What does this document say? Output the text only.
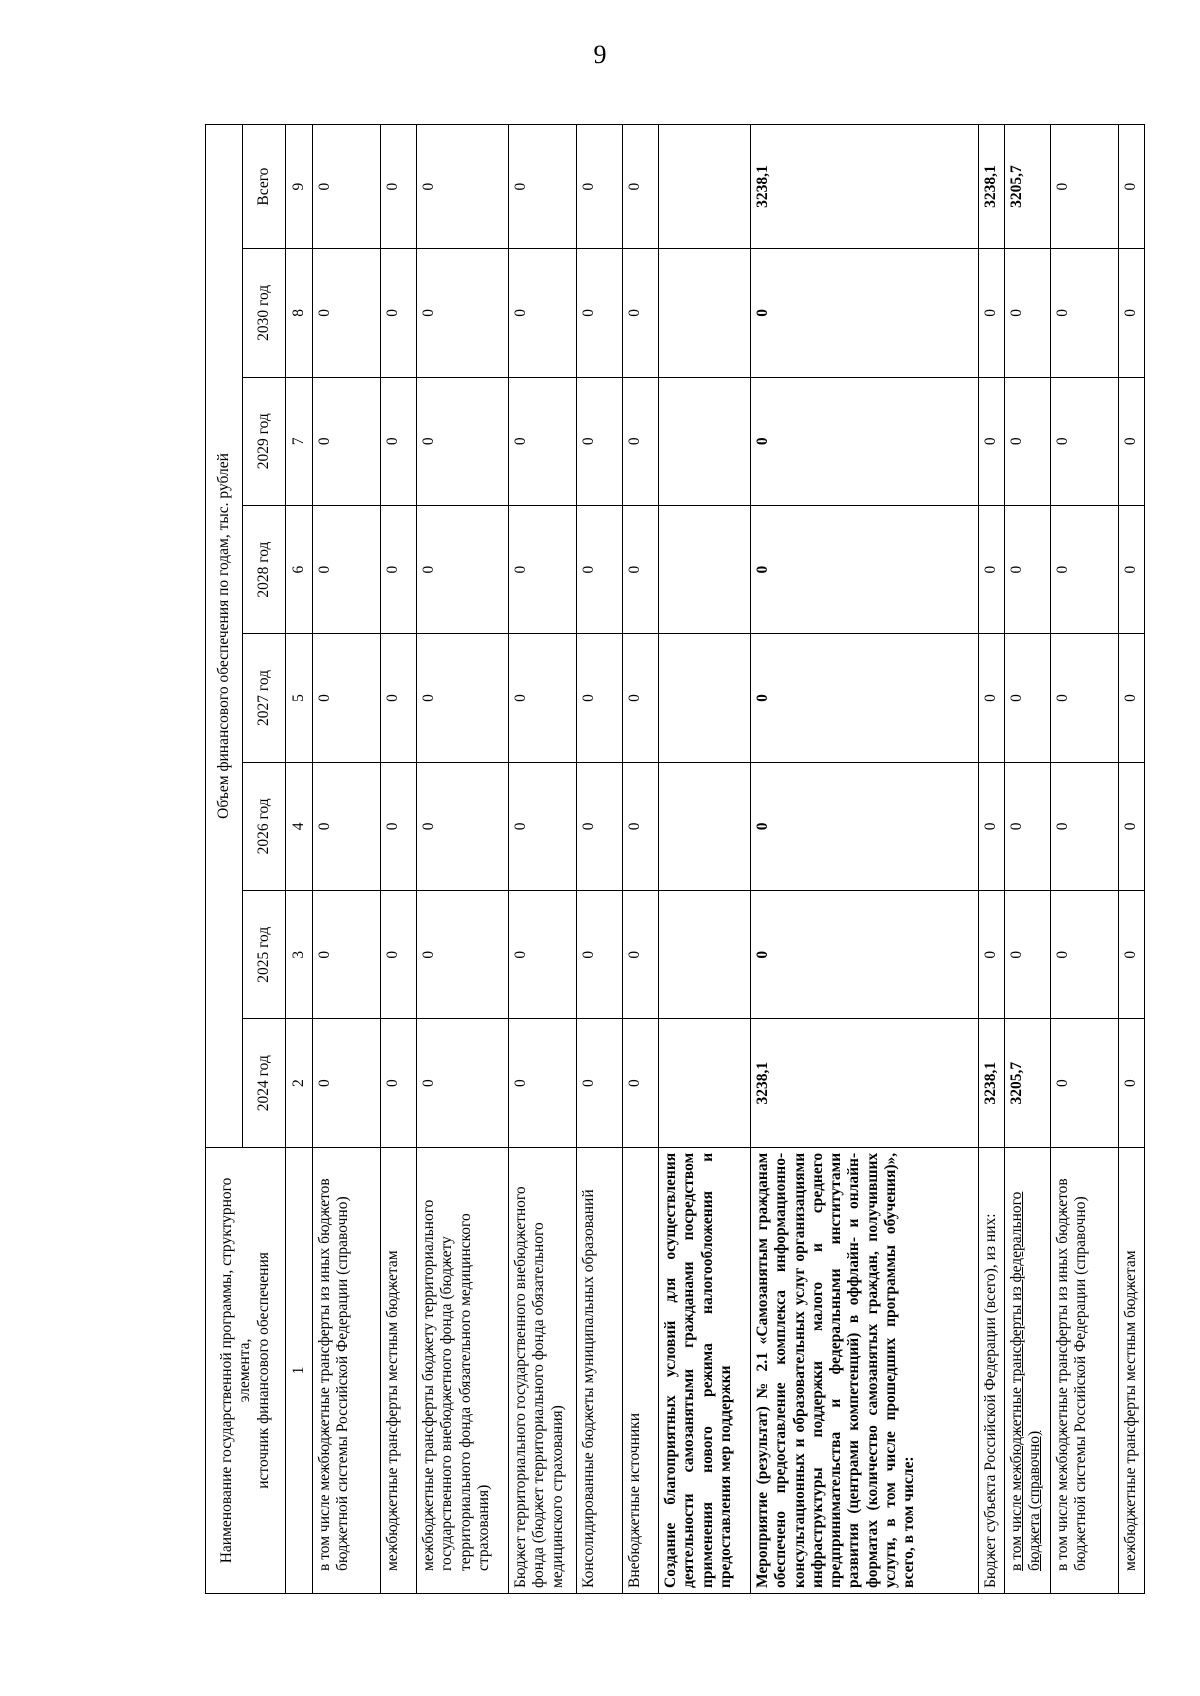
9
Наименование государственной программы, структурного элемента,
источник финансового обеспечения	Объем финансового обеспечения по годам, тыс. рублей							
	2024 год	2025 год	2026 год	2027 год	2028 год	2029 год	2030 год	Всего
1	2	3	4	5	6	7	8	9
в том числе межбюджетные трансферты из иных бюджетов бюджетной системы Российской Федерации (справочно)	0	0	0	0	0	0	0	0
межбюджетные трансферты местным бюджетам	0	0	0	0	0	0	0	0
межбюджетные трансферты бюджету территориального государственного внебюджетного фонда (бюджету территориального фонда обязательного медицинского страхования)	0	0	0	0	0	0	0	0
Бюджет территориального государственного внебюджетного фонда (бюджет территориального фонда обязательного медицинского страхования)	0	0	0	0	0	0	0	0
Консолидированные бюджеты муниципальных образований	0	0	0	0	0	0	0	0
Внебюджетные источники	0	0	0	0	0	0	0	0
Создание благоприятных условий для осуществления деятельности самозанятыми гражданами посредством применения нового режима налогообложения и предоставления мер поддержки								
Мероприятие (результат) № 2.1 «Самозанятым гражданам обеспечено предоставление комплекса информационно-консультационных и образовательных услуг организациями инфраструктуры поддержки малого и среднего предпринимательства и федеральными институтами развития (центрами компетенций) в оффлайн- и онлайн-форматах (количество самозанятых граждан, получивших услуги, в том числе прошедших программы обучения)», всего, в том числе:	3238,1	0	0	0	0	0	0	3238,1
Бюджет субъекта Российской Федерации (всего), из них:	3238,1	0	0	0	0	0	0	3238,1
в том числе межбюджетные трансферты из федерального бюджета (справочно)	3205,7	0	0	0	0	0	0	3205,7
в том числе межбюджетные трансферты из иных бюджетов бюджетной системы Российской Федерации (справочно)	0	0	0	0	0	0	0	0
межбюджетные трансферты местным бюджетам	0	0	0	0	0	0	0	0
